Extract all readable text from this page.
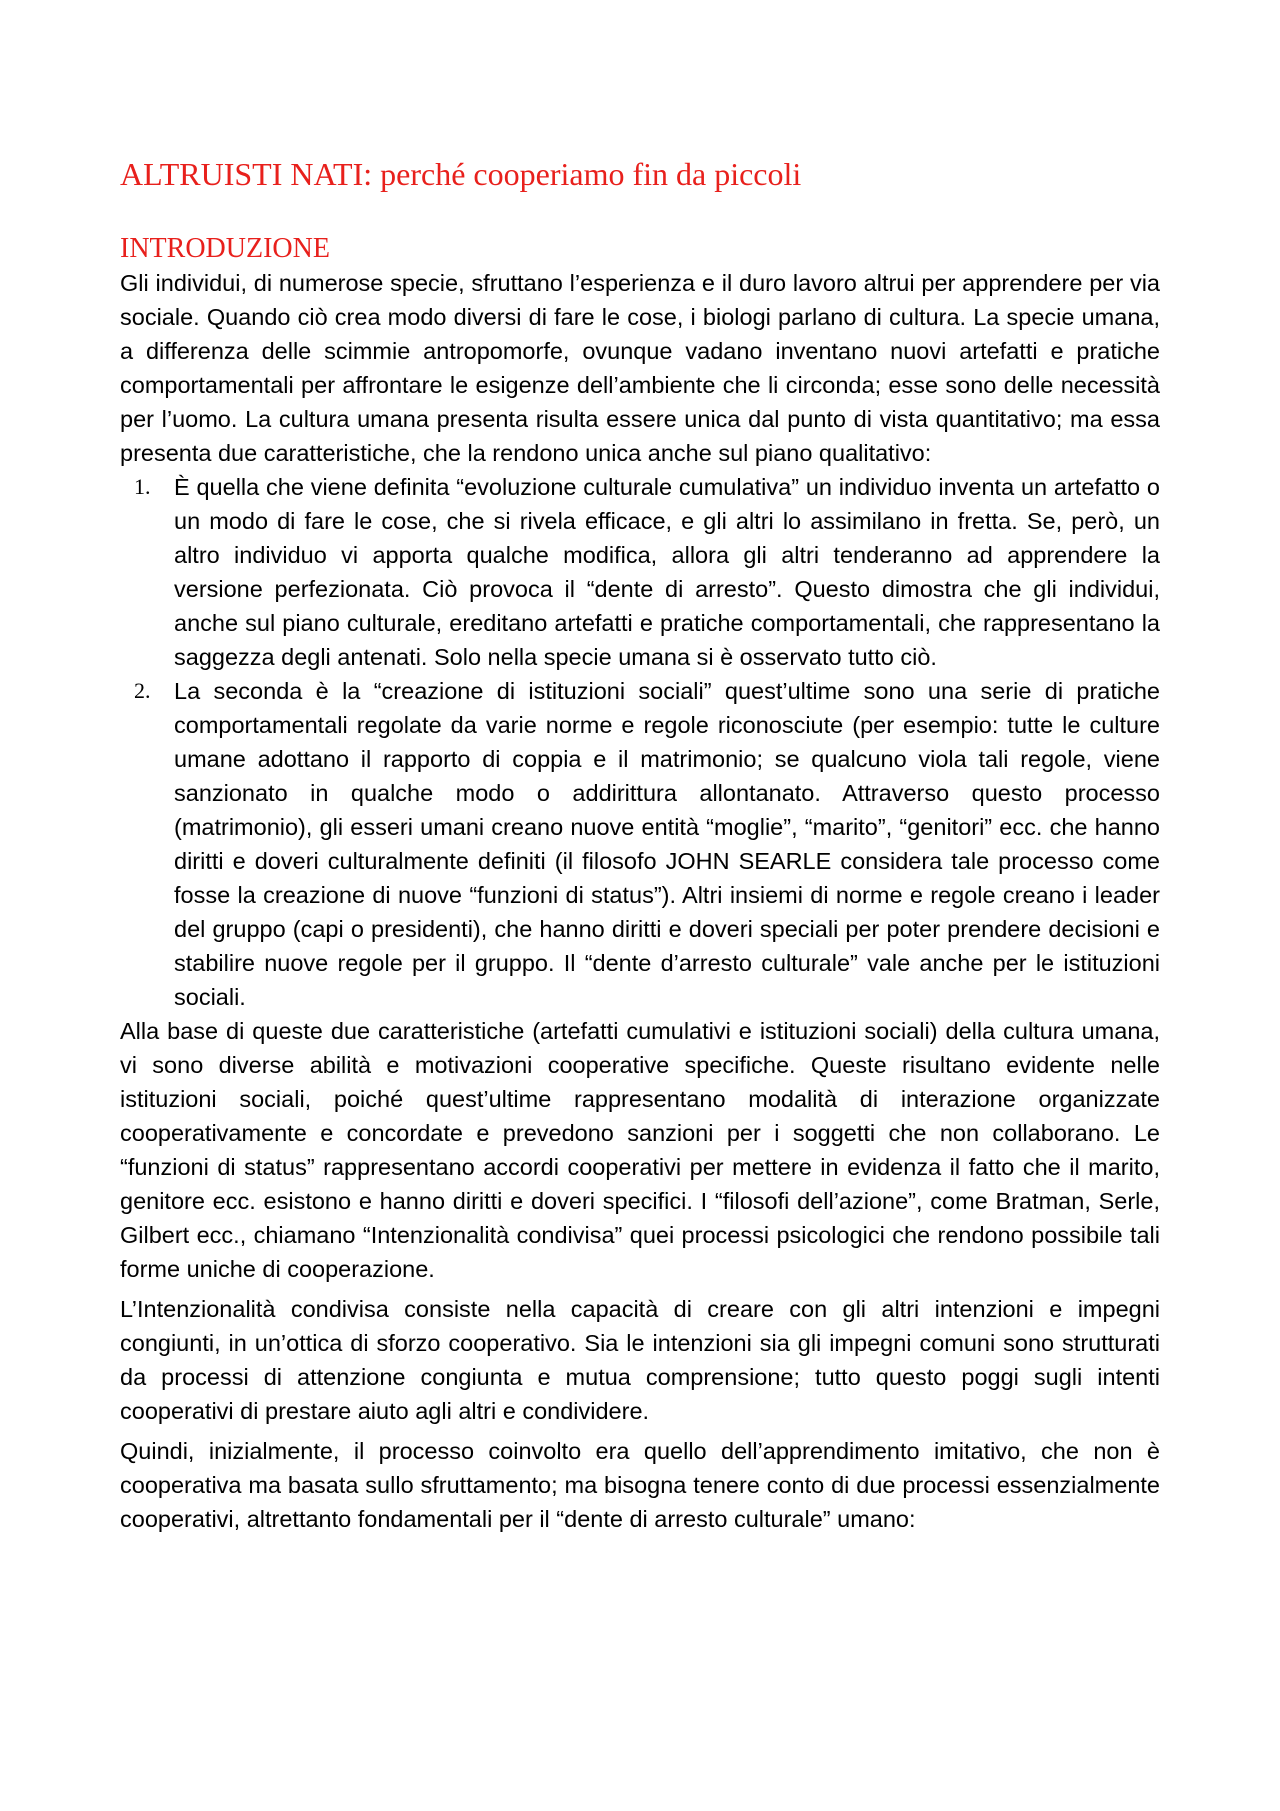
ALTRUISTI NATI: perché cooperiamo fin da piccoli
INTRODUZIONE

Gli individui, di numerose specie, sfruttano l’esperienza e il duro lavoro altrui per apprendere per via sociale. Quando ciò crea modo diversi di fare le cose, i biologi parlano di cultura. La specie umana, a differenza delle scimmie antropomorfe, ovunque vadano inventano nuovi artefatti e pratiche comportamentali per affrontare le esigenze dell’ambiente che li circonda; esse sono delle necessità per l’uomo. La cultura umana presenta risulta essere unica dal punto di vista quantitativo; ma essa presenta due caratteristiche, che la rendono unica anche sul piano qualitativo:

1. È quella che viene definita “evoluzione culturale cumulativa” un individuo inventa un artefatto o un modo di fare le cose, che si rivela efficace, e gli altri lo assimilano in fretta. Se, però, un altro individuo vi apporta qualche modifica, allora gli altri tenderanno ad apprendere la versione perfezionata. Ciò provoca il “dente di arresto”. Questo dimostra che gli individui, anche sul piano culturale, ereditano artefatti e pratiche comportamentali, che rappresentano la saggezza degli antenati. Solo nella specie umana si è osservato tutto ciò.
2. La seconda è la “creazione di istituzioni sociali” quest’ultime sono una serie di pratiche comportamentali regolate da varie norme e regole riconosciute (per esempio: tutte le culture umane adottano il rapporto di coppia e il matrimonio; se qualcuno viola tali regole, viene sanzionato in qualche modo o addirittura allontanato. Attraverso questo processo (matrimonio), gli esseri umani creano nuove entità “moglie”, “marito”, “genitori” ecc. che hanno diritti e doveri culturalmente definiti (il filosofo JOHN SEARLE considera tale processo come fosse la creazione di nuove “funzioni di status”). Altri insiemi di norme e regole creano i leader del gruppo (capi o presidenti), che hanno diritti e doveri speciali per poter prendere decisioni e stabilire nuove regole per il gruppo. Il “dente d’arresto culturale” vale anche per le istituzioni sociali.

Alla base di queste due caratteristiche (artefatti cumulativi e istituzioni sociali) della cultura umana, vi sono diverse abilità e motivazioni cooperative specifiche. Queste risultano evidente nelle istituzioni sociali, poiché quest’ultime rappresentano modalità di interazione organizzate cooperativamente e concordate e prevedono sanzioni per i soggetti che non collaborano. Le “funzioni di status” rappresentano accordi cooperativi per mettere in evidenza il fatto che il marito, genitore ecc. esistono e hanno diritti e doveri specifici. I “filosofi dell’azione”, come Bratman, Serle, Gilbert ecc., chiamano “Intenzionalità condivisa” quei processi psicologici che rendono possibile tali forme uniche di cooperazione.

L’Intenzionalità condivisa consiste nella capacità di creare con gli altri intenzioni e impegni congiunti, in un’ottica di sforzo cooperativo. Sia le intenzioni sia gli impegni comuni sono strutturati da processi di attenzione congiunta e mutua comprensione; tutto questo poggi sugli intenti cooperativi di prestare aiuto agli altri e condividere.

Quindi, inizialmente, il processo coinvolto era quello dell’apprendimento imitativo, che non è cooperativa ma basata sullo sfruttamento; ma bisogna tenere conto di due processi essenzialmente cooperativi, altrettanto fondamentali per il “dente di arresto culturale” umano:
